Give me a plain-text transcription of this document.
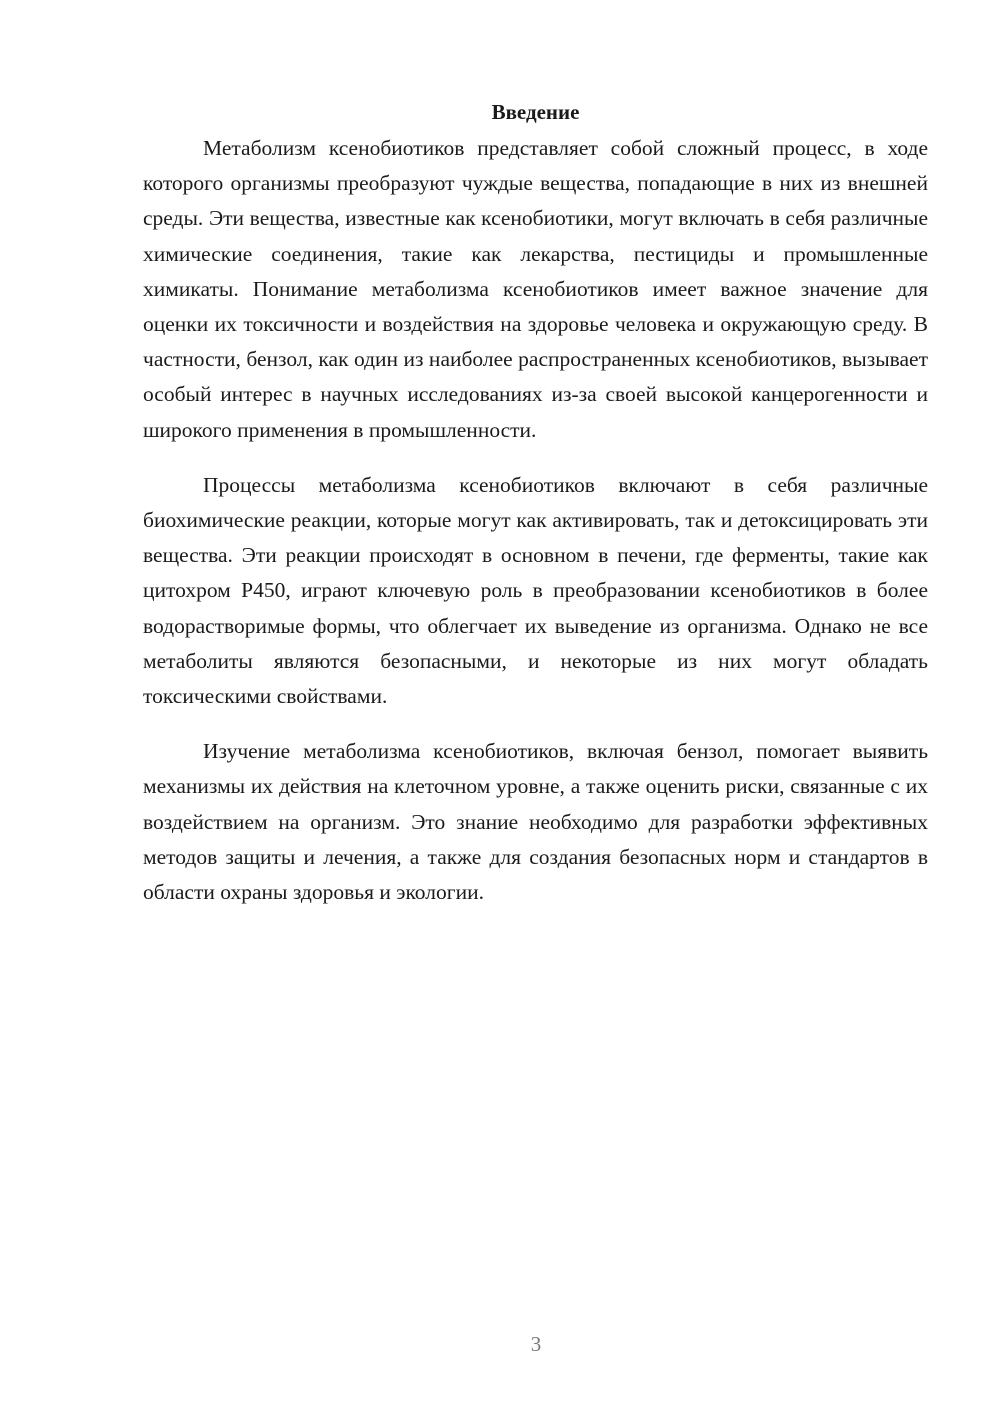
Введение

Метаболизм ксенобиотиков представляет собой сложный процесс, в ходе которого организмы преобразуют чуждые вещества, попадающие в них из внешней среды. Эти вещества, известные как ксенобиотики, могут включать в себя различные химические соединения, такие как лекарства, пестициды и промышленные химикаты. Понимание метаболизма ксенобиотиков имеет важное значение для оценки их токсичности и воздействия на здоровье человека и окружающую среду. В частности, бензол, как один из наиболее распространенных ксенобиотиков, вызывает особый интерес в научных исследованиях из-за своей высокой канцерогенности и широкого применения в промышленности.

Процессы метаболизма ксенобиотиков включают в себя различные биохимические реакции, которые могут как активировать, так и детоксицировать эти вещества. Эти реакции происходят в основном в печени, где ферменты, такие как цитохром P450, играют ключевую роль в преобразовании ксенобиотиков в более водорастворимые формы, что облегчает их выведение из организма. Однако не все метаболиты являются безопасными, и некоторые из них могут обладать токсическими свойствами.

Изучение метаболизма ксенобиотиков, включая бензол, помогает выявить механизмы их действия на клеточном уровне, а также оценить риски, связанные с их воздействием на организм. Это знание необходимо для разработки эффективных методов защиты и лечения, а также для создания безопасных норм и стандартов в области охраны здоровья и экологии.

3
